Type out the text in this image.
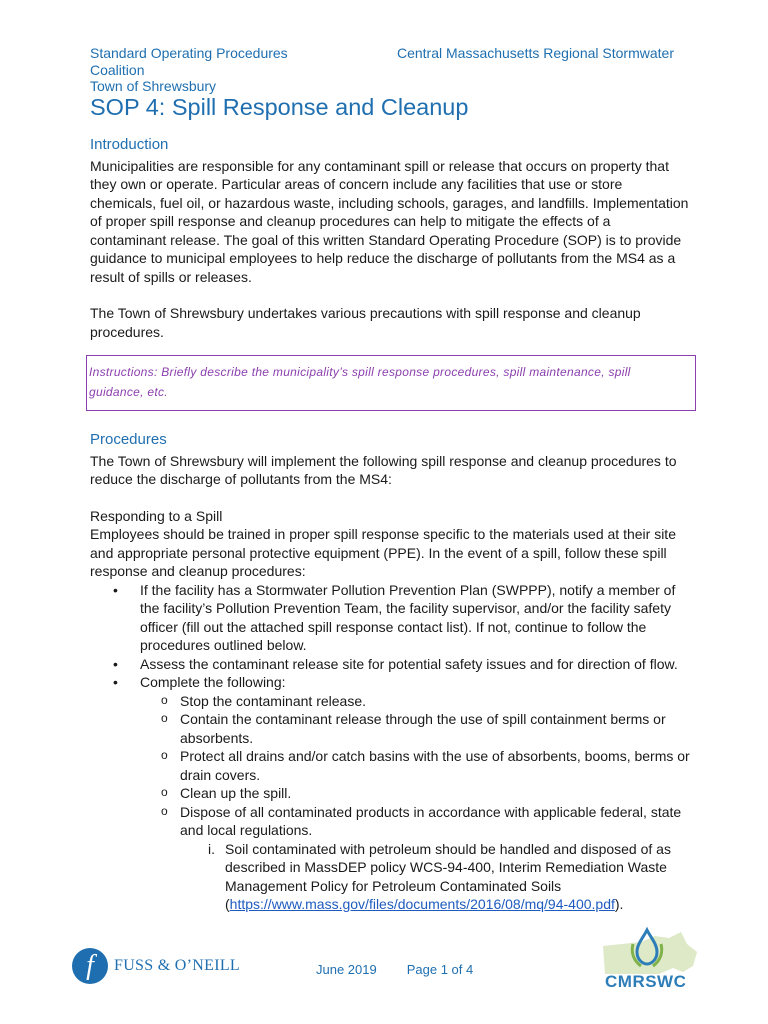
Standard Operating Procedures
Coalition
Town of Shrewsbury
Central Massachusetts Regional Stormwater
SOP 4: Spill Response and Cleanup
Introduction

Municipalities are responsible for any contaminant spill or release that occurs on property that they own or operate. Particular areas of concern include any facilities that use or store chemicals, fuel oil, or hazardous waste, including schools, garages, and landfills. Implementation of proper spill response and cleanup procedures can help to mitigate the effects of a contaminant release. The goal of this written Standard Operating Procedure (SOP) is to provide guidance to municipal employees to help reduce the discharge of pollutants from the MS4 as a result of spills or releases.

The Town of Shrewsbury undertakes various precautions with spill response and cleanup procedures.

Instructions: Briefly describe the municipality’s spill response procedures, spill maintenance, spill guidance, etc.
Procedures

The Town of Shrewsbury will implement the following spill response and cleanup procedures to reduce the discharge of pollutants from the MS4:

Responding to a Spill

Employees should be trained in proper spill response specific to the materials used at their site and appropriate personal protective equipment (PPE). In the event of a spill, follow these spill response and cleanup procedures:

• If the facility has a Stormwater Pollution Prevention Plan (SWPPP), notify a member of the facility’s Pollution Prevention Team, the facility supervisor, and/or the facility safety officer (fill out the attached spill response contact list). If not, continue to follow the procedures outlined below.
• Assess the contaminant release site for potential safety issues and for direction of flow.
• Complete the following:
o Stop the contaminant release.
o Contain the contaminant release through the use of spill containment berms or absorbents.
o Protect all drains and/or catch basins with the use of absorbents, booms, berms or drain covers.
o Clean up the spill.
o Dispose of all contaminated products in accordance with applicable federal, state and local regulations.
i. Soil contaminated with petroleum should be handled and disposed of as described in MassDEP policy WCS-94-400, Interim Remediation Waste Management Policy for Petroleum Contaminated Soils (https://www.mass.gov/files/documents/2016/08/mq/94-400.pdf).
f	FUSS & O’NEILL	June 2019 Page 1 of 4
CMRSWC
